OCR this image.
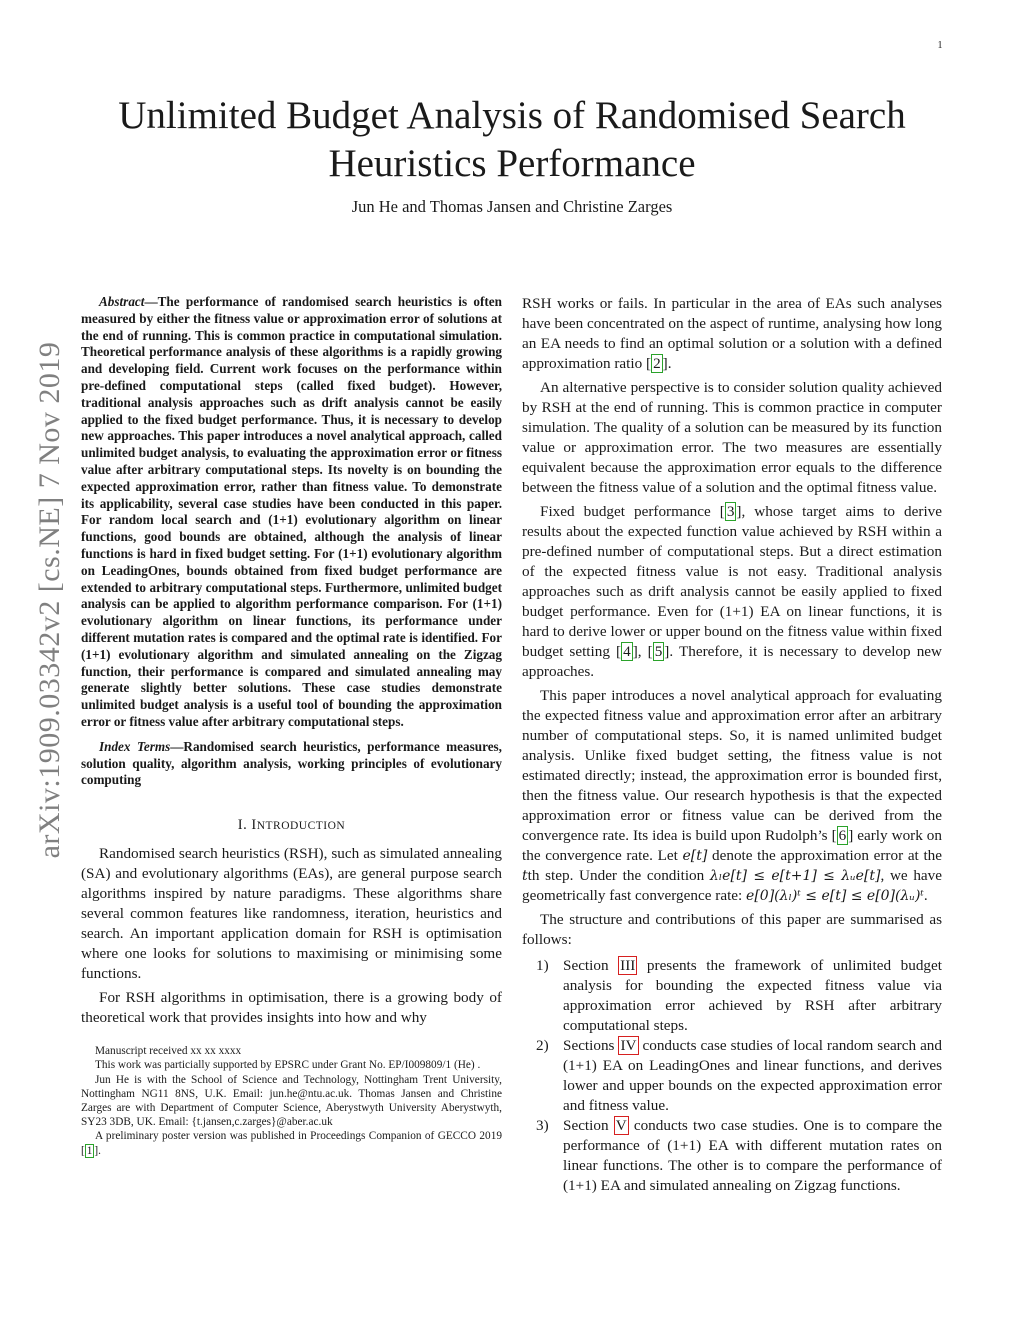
1
arXiv:1909.03342v2 [cs.NE] 7 Nov 2019
Unlimited Budget Analysis of Randomised Search
Heuristics Performance

Jun He and Thomas Jansen and Christine Zarges

Abstract—The performance of randomised search heuristics is often measured by either the fitness value or approximation error of solutions at the end of running. This is common practice in computational simulation. Theoretical performance analysis of these algorithms is a rapidly growing and developing field. Current work focuses on the performance within pre-defined computational steps (called fixed budget). However, traditional analysis approaches such as drift analysis cannot be easily applied to the fixed budget performance. Thus, it is necessary to develop new approaches. This paper introduces a novel analytical approach, called unlimited budget analysis, to evaluating the approximation error or fitness value after arbitrary computational steps. Its novelty is on bounding the expected approximation error, rather than fitness value. To demonstrate its applicability, several case studies have been conducted in this paper. For random local search and (1+1) evolutionary algorithm on linear functions, good bounds are obtained, although the analysis of linear functions is hard in fixed budget setting. For (1+1) evolutionary algorithm on LeadingOnes, bounds obtained from fixed budget performance are extended to arbitrary computational steps. Furthermore, unlimited budget analysis can be applied to algorithm performance comparison. For (1+1) evolutionary algorithm on linear functions, its performance under different mutation rates is compared and the optimal rate is identified. For (1+1) evolutionary algorithm and simulated annealing on the Zigzag function, their performance is compared and simulated annealing may generate slightly better solutions. These case studies demonstrate unlimited budget analysis is a useful tool of bounding the approximation error or fitness value after arbitrary computational steps.

Index Terms—Randomised search heuristics, performance measures, solution quality, algorithm analysis, working principles of evolutionary computing

I. INTRODUCTION

Randomised search heuristics (RSH), such as simulated annealing (SA) and evolutionary algorithms (EAs), are general purpose search algorithms inspired by nature paradigms. These algorithms share several common features like randomness, iteration, heuristics and search. An important application domain for RSH is optimisation where one looks for solutions to maximising or minimising some functions.

For RSH algorithms in optimisation, there is a growing body of theoretical work that provides insights into how and why

Manuscript received xx xx xxxx

This work was particially supported by EPSRC under Grant No. EP/I009809/1 (He) .

Jun He is with the School of Science and Technology, Nottingham Trent University, Nottingham NG11 8NS, U.K. Email: jun.he@ntu.ac.uk. Thomas Jansen and Christine Zarges are with Department of Computer Science, Aberystwyth University Aberystwyth, SY23 3DB, UK. Email: {t.jansen,c.zarges}@aber.ac.uk

A preliminary poster version was published in Proceedings Companion of GECCO 2019 [ 1 ].

RSH works or fails. In particular in the area of EAs such analyses have been concentrated on the aspect of runtime, analysing how long an EA needs to find an optimal solution or a solution with a defined approximation ratio [ 2 ].

An alternative perspective is to consider solution quality achieved by RSH at the end of running. This is common practice in computer simulation. The quality of a solution can be measured by its function value or approximation error. The two measures are essentially equivalent because the approximation error equals to the difference between the fitness value of a solution and the optimal fitness value.

Fixed budget performance [ 3 ], whose target aims to derive results about the expected function value achieved by RSH within a pre-defined number of computational steps. But a direct estimation of the expected fitness value is not easy. Traditional analysis approaches such as drift analysis cannot be easily applied to fixed budget performance. Even for (1+1) EA on linear functions, it is hard to derive lower or upper bound on the fitness value within fixed budget setting [ 4 ], [ 5 ]. Therefore, it is necessary to develop new approaches.

This paper introduces a novel analytical approach for evaluating the expected fitness value and approximation error after an arbitrary number of computational steps. So, it is named unlimited budget analysis. Unlike fixed budget setting, the fitness value is not estimated directly; instead, the approximation error is bounded first, then the fitness value. Our research hypothesis is that the expected approximation error or fitness value can be derived from the convergence rate. Its idea is build upon Rudolph’s [ 6 ] early work on the convergence rate. Let e[t] denote the approximation error at the tth step. Under the condition λₗe[t] ≤ e[t+1] ≤ λᵤe[t], we have geometrically fast convergence rate: e[0](λₗ)ᵗ ≤ e[t] ≤ e[0](λᵤ)ᵗ.

The structure and contributions of this paper are summarised as follows:

1) Section III presents the framework of unlimited budget analysis for bounding the expected fitness value via approximation error achieved by RSH after arbitrary computational steps.
2) Sections IV conducts case studies of local random search and (1+1) EA on LeadingOnes and linear functions, and derives lower and upper bounds on the expected approximation error and fitness value.
3) Section V conducts two case studies. One is to compare the performance of (1+1) EA with different mutation rates on linear functions. The other is to compare the performance of (1+1) EA and simulated annealing on Zigzag functions.
